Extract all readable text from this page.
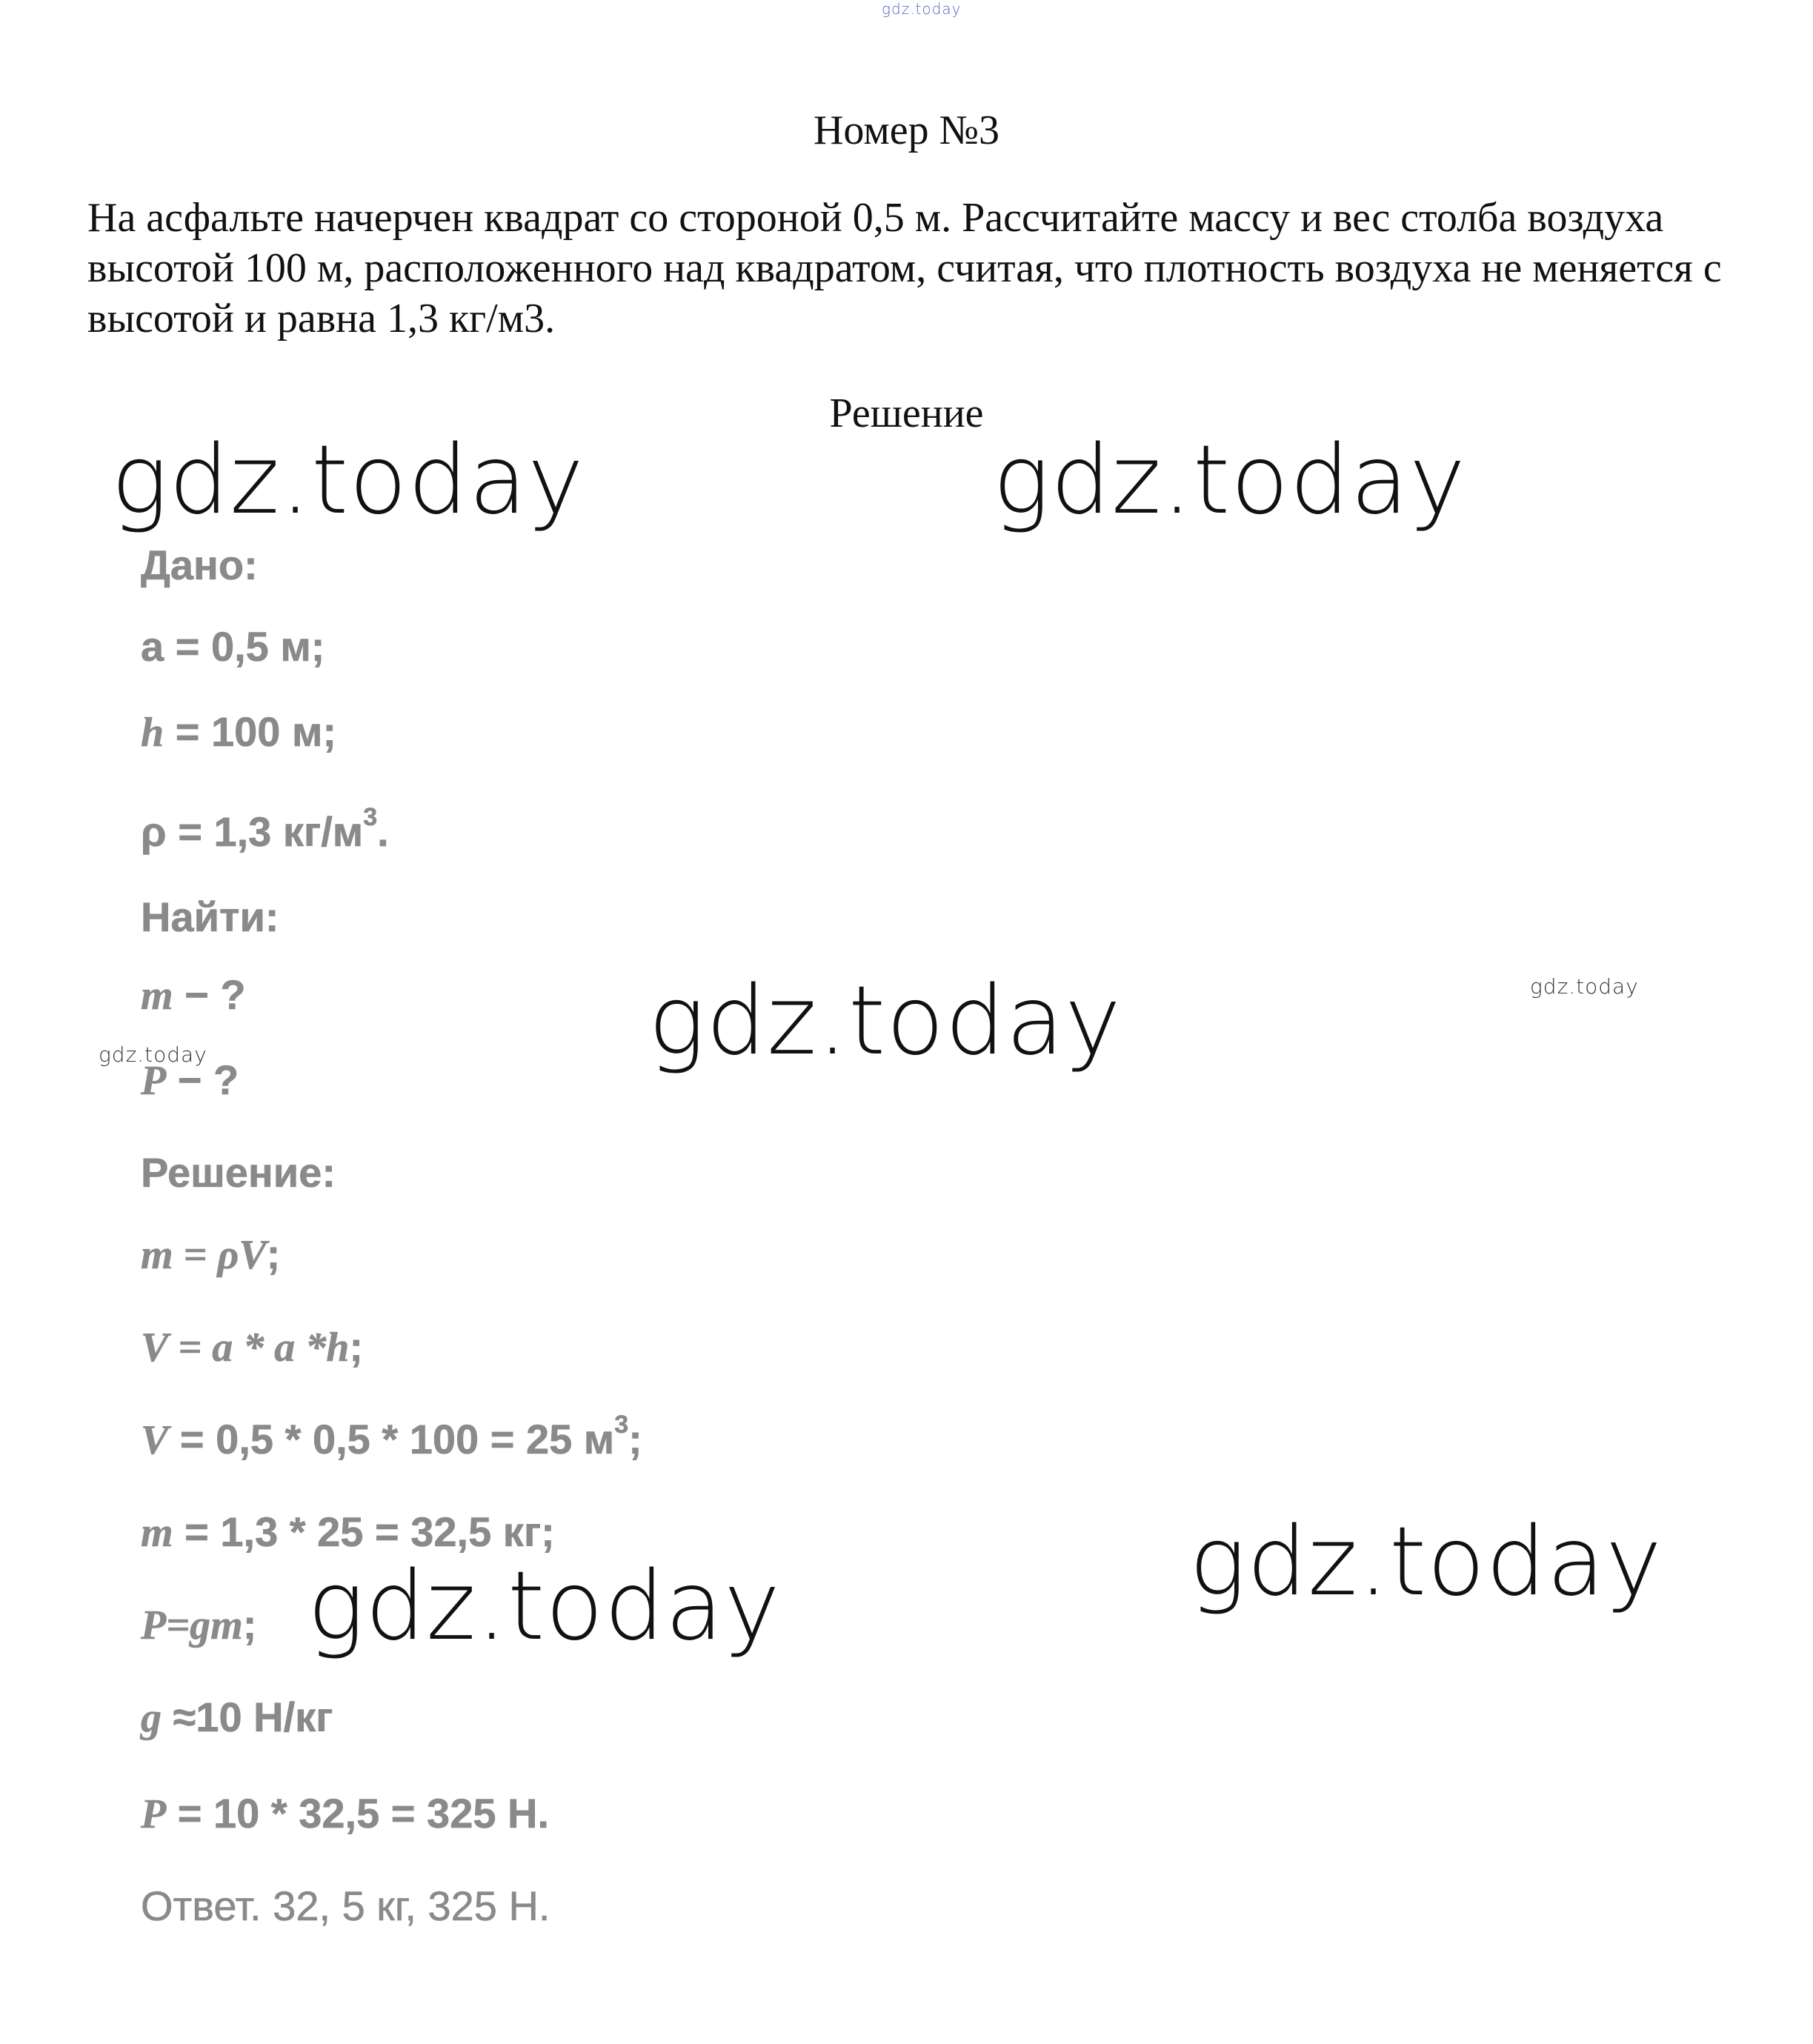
gdz.today
gdz.today	gdz.today
gdz.today
gdz.today
gdz.today
gdz.today
gdz.today
Номер №3
На асфальте начерчен квадрат со стороной 0,5 м. Рассчитайте массу и вес столба воздуха высотой 100 м, расположенного над квадратом, считая, что плотность воздуха не меняется с высотой и равна 1,3 кг/м3.
Решение
Дано:
а = 0,5 м;
h = 100 м;
ρ = 1,3 $кг/м^3$.
Найти:
m − ?
P − ?
Решение:
m = ρV;
V = a * a *h;
V = 0,5 * 0,5 * 100 = 25 $м^3$;
m = 1,3 * 25 = 32,5 кг;
P=gm;
g ≈10 Н/кг
P = 10 * 32,5 = 325 Н.
Ответ. 32, 5 кг, 325 Н.
